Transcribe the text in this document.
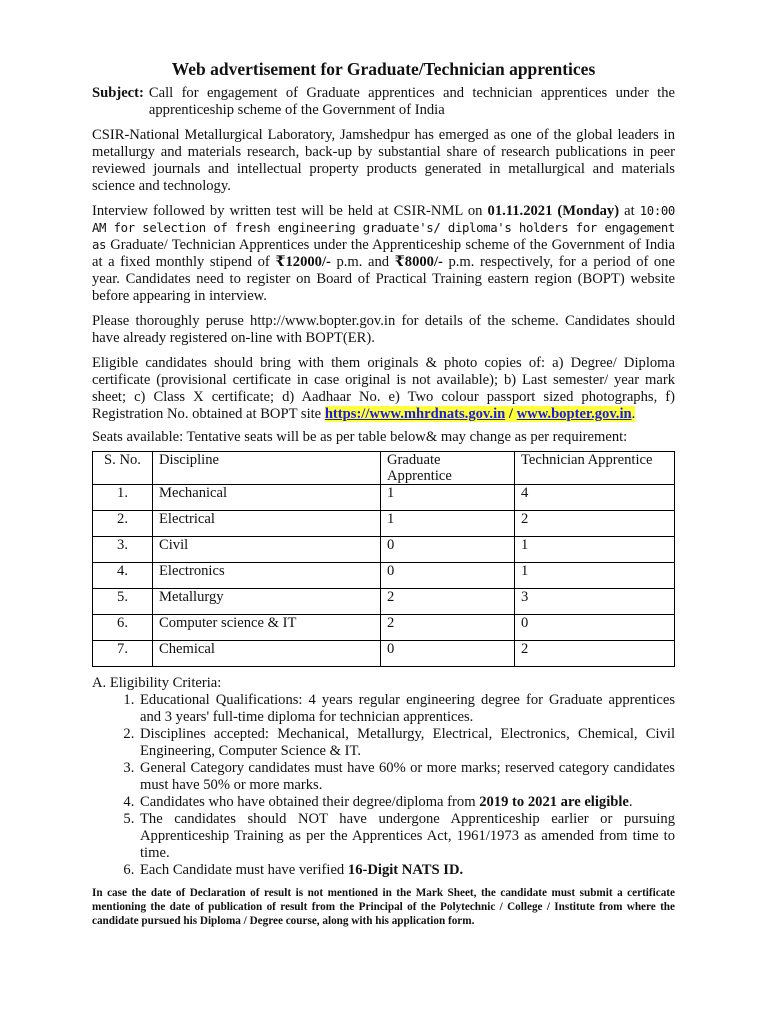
Web advertisement for Graduate/Technician apprentices
Subject: Call for engagement of Graduate apprentices and technician apprentices under the apprenticeship scheme of the Government of India

CSIR-National Metallurgical Laboratory, Jamshedpur has emerged as one of the global leaders in metallurgy and materials research, back-up by substantial share of research publications in peer reviewed journals and intellectual property products generated in metallurgical and materials science and technology.

Interview followed by written test will be held at CSIR-NML on 01.11.2021 (Monday) at 10:00 AM for selection of fresh engineering graduate's/ diploma's holders for engagement as Graduate/ Technician Apprentices under the Apprenticeship scheme of the Government of India at a fixed monthly stipend of ₹12000/- p.m. and ₹8000/- p.m. respectively, for a period of one year. Candidates need to register on Board of Practical Training eastern region (BOPT) website before appearing in interview.

Please thoroughly peruse http://www.bopter.gov.in for details of the scheme. Candidates should have already registered on-line with BOPT(ER).

Eligible candidates should bring with them originals & photo copies of: a) Degree/ Diploma certificate (provisional certificate in case original is not available); b) Last semester/ year mark sheet; c) Class X certificate; d) Aadhaar No. e) Two colour passport sized photographs, f) Registration No. obtained at BOPT site https://www.mhrdnats.gov.in / www.bopter.gov.in.

Seats available: Tentative seats will be as per table below& may change as per requirement:
S. No.	Discipline	Graduate Apprentice	Technician Apprentice
1.	Mechanical	1	4
2.	Electrical	1	2
3.	Civil	0	1
4.	Electronics	0	1
5.	Metallurgy	2	3
6.	Computer science & IT	2	0
7.	Chemical	0	2
A. Eligibility Criteria:
1. Educational Qualifications: 4 years regular engineering degree for Graduate apprentices and 3 years' full-time diploma for technician apprentices.
2. Disciplines accepted: Mechanical, Metallurgy, Electrical, Electronics, Chemical, Civil Engineering, Computer Science & IT.
3. General Category candidates must have 60% or more marks; reserved category candidates must have 50% or more marks.
4. Candidates who have obtained their degree/diploma from 2019 to 2021 are eligible.
5. The candidates should NOT have undergone Apprenticeship earlier or pursuing Apprenticeship Training as per the Apprentices Act, 1961/1973 as amended from time to time.
6. Each Candidate must have verified 16-Digit NATS ID.
In case the date of Declaration of result is not mentioned in the Mark Sheet, the candidate must submit a certificate mentioning the date of publication of result from the Principal of the Polytechnic / College / Institute from where the candidate pursued his Diploma / Degree course, along with his application form.
